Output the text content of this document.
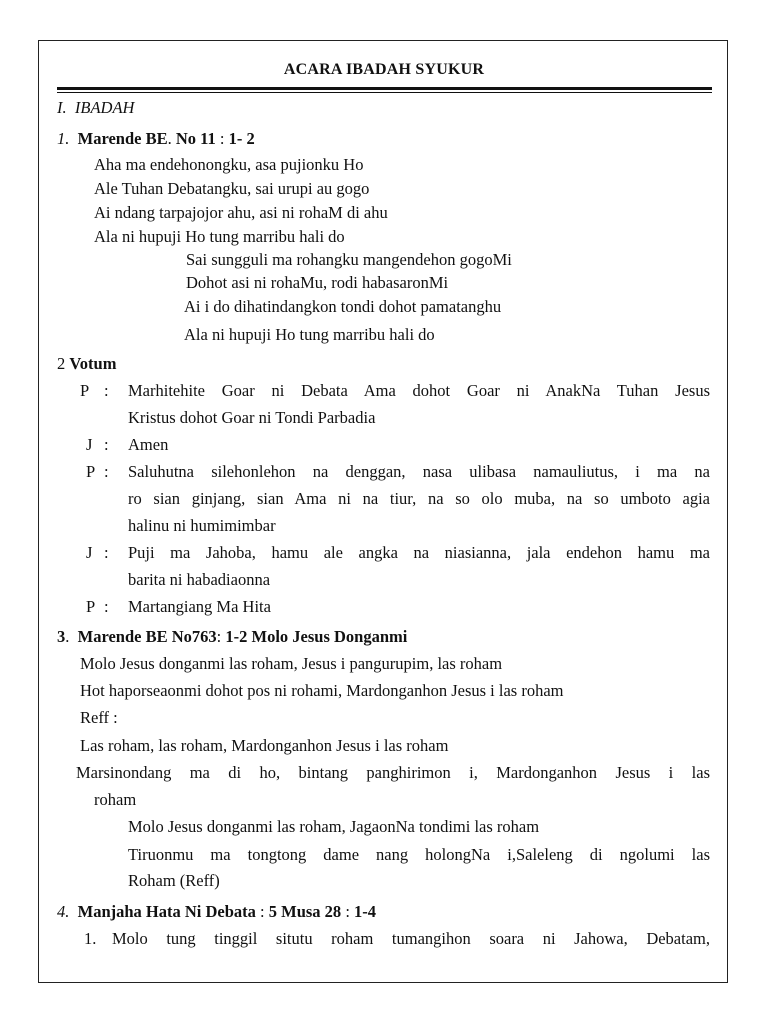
ACARA IBADAH SYUKUR
I. IBADAH
1. Marende BE. No 11 : 1- 2
Aha ma endehonongku, asa pujionku Ho
Ale Tuhan Debatangku, sai urupi au gogo
Ai ndang tarpajojor ahu, asi ni rohaM di ahu
Ala ni hupuji Ho tung marribu hali do
Sai sungguli ma rohangku mangendehon gogoMi
Dohot asi ni rohaMu, rodi habasaronMi
Ai i do dihatindangkon tondi dohot pamatanghu
Ala ni hupuji Ho tung marribu hali do
2 Votum
P : Marhitehite Goar ni Debata Ama dohot Goar ni AnakNa Tuhan Jesus
Kristus dohot Goar ni Tondi Parbadia
J : Amen
P : Saluhutna silehonlehon na denggan, nasa ulibasa namauliutus, i ma na
ro sian ginjang, sian Ama ni na tiur, na so olo muba, na so umboto agia
halinu ni humimimbar
J : Puji ma Jahoba, hamu ale angka na niasianna, jala endehon hamu ma
barita ni habadiaonna
P : Martangiang Ma Hita
3. Marende BE No763: 1-2 Molo Jesus Donganmi
Molo Jesus donganmi las roham, Jesus i pangurupim, las roham
Hot haporseaonmi dohot pos ni rohami, Mardonganhon Jesus i las roham
Reff :
Las roham, las roham, Mardonganhon Jesus i las roham
Marsinondang ma di ho, bintang panghirimon i, Mardonganhon Jesus i las
roham
Molo Jesus donganmi las roham, JagaonNa tondimi las roham
Tiruonmu ma tongtong dame nang holongNa i,Saleleng di ngolumi las
Roham (Reff)
4. Manjaha Hata Ni Debata : 5 Musa 28 : 1-4
1. Molo tung tinggil situtu roham tumangihon soara ni Jahowa, Debatam,
